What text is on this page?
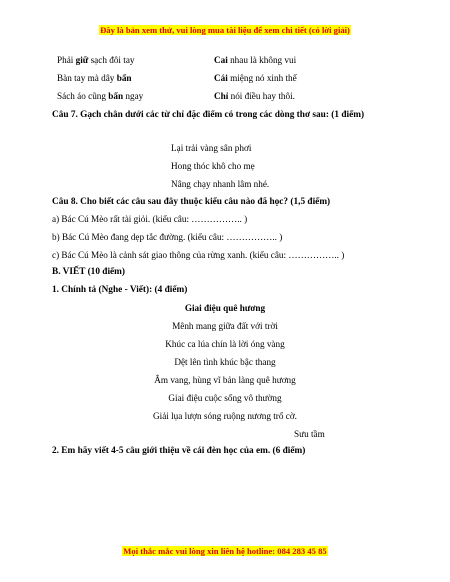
Đây là bản xem thử, vui lòng mua tài liệu để xem chi tiết (có lời giải)
Phải giữ sạch đôi tay	Cai nhau là không vui
Bàn tay mà dây bẩn	Cái miệng nó xinh thế
Sách áo cũng bẩn ngay	Chỉ nói điều hay thôi.
Câu 7. Gạch chân dưới các từ chỉ đặc điểm có trong các dòng thơ sau: (1 điểm)
Lại trải vàng sân phơi
Hong thóc khô cho mẹ
Nâng chạy nhanh lâm nhé.
Câu 8. Cho biết các câu sau đây thuộc kiểu câu nào đã học? (1,5 điểm)
a) Bác Cú Mèo rất tài giỏi. (kiểu câu: …………….. )
b) Bác Cú Mèo đang dẹp tắc đường. (kiểu câu: …………….. )
c) Bác Cú Mèo là cảnh sát giao thông của rừng xanh. (kiểu câu: …………….. )
B. VIẾT (10 điểm)
1. Chính tả (Nghe - Viết): (4 điểm)
Giai điệu quê hương
Mênh mang giữa đất với trời
Khúc ca lúa chín là lời óng vàng
Dệt lên tình khúc bậc thang
Âm vang, hùng vĩ bản làng quê hương
Giai điệu cuộc sống vô thường
Giải lụa lượn sóng ruộng nương trổ cờ.
Sưu tầm
2. Em hãy viết 4-5 câu giới thiệu về cái đèn học của em. (6 điểm)
Mọi thắc mắc vui lòng xin liên hệ hotline: 084 283 45 85
